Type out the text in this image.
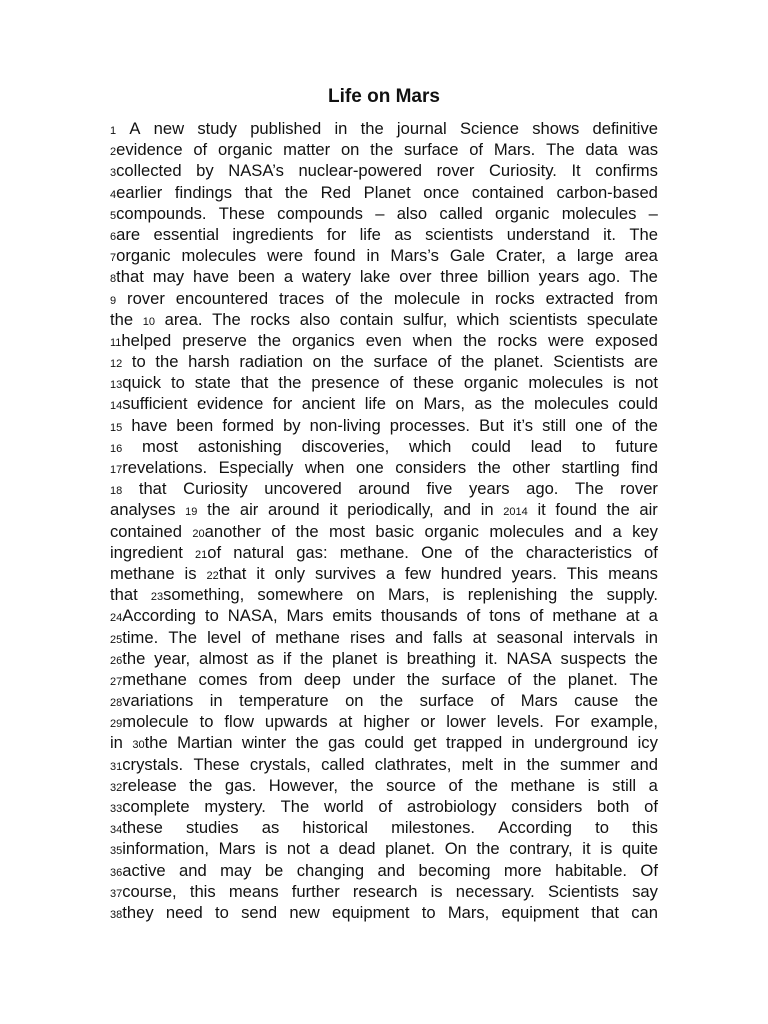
Life on Mars
1 A new study published in the journal Science shows definitive
2evidence of organic matter on the surface of Mars. The data was
3collected by NASA’s nuclear-powered rover Curiosity. It confirms
4earlier findings that the Red Planet once contained carbon-based
5compounds. These compounds – also called organic molecules –
6are essential ingredients for life as scientists understand it. The
7organic molecules were found in Mars’s Gale Crater, a large area
8that may have been a watery lake over three billion years ago. The
9 rover encountered traces of the molecule in rocks extracted from
the 10 area. The rocks also contain sulfur, which scientists speculate
11helped preserve the organics even when the rocks were exposed
12 to the harsh radiation on the surface of the planet. Scientists are
13quick to state that the presence of these organic molecules is not
14sufficient evidence for ancient life on Mars, as the molecules could
15 have been formed by non-living processes. But it’s still one of the
16 most astonishing discoveries, which could lead to future
17revelations. Especially when one considers the other startling find
18 that Curiosity uncovered around five years ago. The rover
analyses 19 the air around it periodically, and in 2014 it found the air
contained 20another of the most basic organic molecules and a key
ingredient 21of natural gas: methane. One of the characteristics of
methane is 22that it only survives a few hundred years. This means
that 23something, somewhere on Mars, is replenishing the supply.
24According to NASA, Mars emits thousands of tons of methane at a
25time. The level of methane rises and falls at seasonal intervals in
26the year, almost as if the planet is breathing it. NASA suspects the
27methane comes from deep under the surface of the planet. The
28variations in temperature on the surface of Mars cause the
29molecule to flow upwards at higher or lower levels. For example,
in 30the Martian winter the gas could get trapped in underground icy
31crystals. These crystals, called clathrates, melt in the summer and
32release the gas. However, the source of the methane is still a
33complete mystery. The world of astrobiology considers both of
34these studies as historical milestones. According to this
35information, Mars is not a dead planet. On the contrary, it is quite
36active and may be changing and becoming more habitable. Of
37course, this means further research is necessary. Scientists say
38they need to send new equipment to Mars, equipment that can
